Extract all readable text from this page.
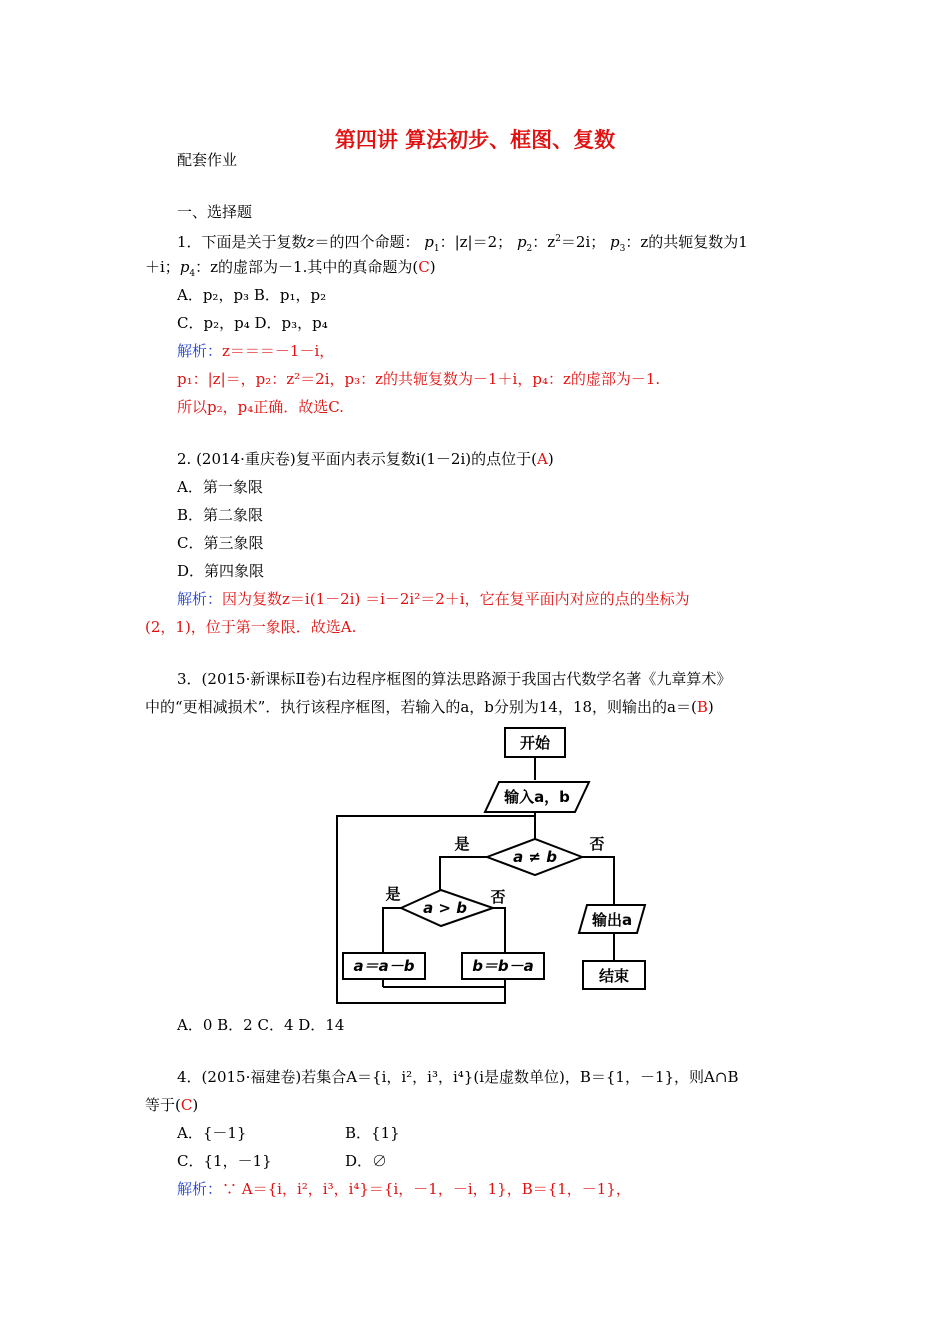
第四讲 算法初步、框图、复数
配套作业
一、选择题
1．下面是关于复数z＝的四个命题： $p_1$：|z|＝2； $p_2$：$z^2=2i$； $p_3$：z的共轭复数为1
＋i；$p_4$：z的虚部为－1.其中的真命题为(C)
A．p₂，p₃ B．p₁，p₂
C．p₂，p₄ D．p₃，p₄
解析：z＝＝＝－1－i，
p₁：|z|＝，p₂：z²＝2i，p₃：z的共轭复数为－1＋i，p₄：z的虚部为－1.
所以p₂，p₄正确．故选C.
2. (2014·重庆卷)复平面内表示复数i(1－2i)的点位于(A)
A．第一象限
B．第二象限
C．第三象限
D．第四象限
解析：因为复数z＝i(1－2i) ＝i－2i²＝2＋i，它在复平面内对应的点的坐标为
(2，1)，位于第一象限．故选A.
3．(2015·新课标Ⅱ卷)右边程序框图的算法思路源于我国古代数学名著《九章算术》
中的“更相减损术”．执行该程序框图，若输入的a，b分别为14，18，则输出的a＝(B)
开始
输入a，b
a ≠ b
是	否
a > b
是	否
a＝a－b	b＝b－a
输出a
结束
A．0 B．2 C．4 D．14
4．(2015·福建卷)若集合A＝{i，i²，i³，i⁴}(i是虚数单位)，B＝{1，－1}，则A∩B
等于(C)
A．{－1}	B．{1}
C．{1，－1}	D．∅
解析：∵ A＝{i，i²，i³，i⁴}＝{i，－1，－i，1}，B＝{1，－1}，
